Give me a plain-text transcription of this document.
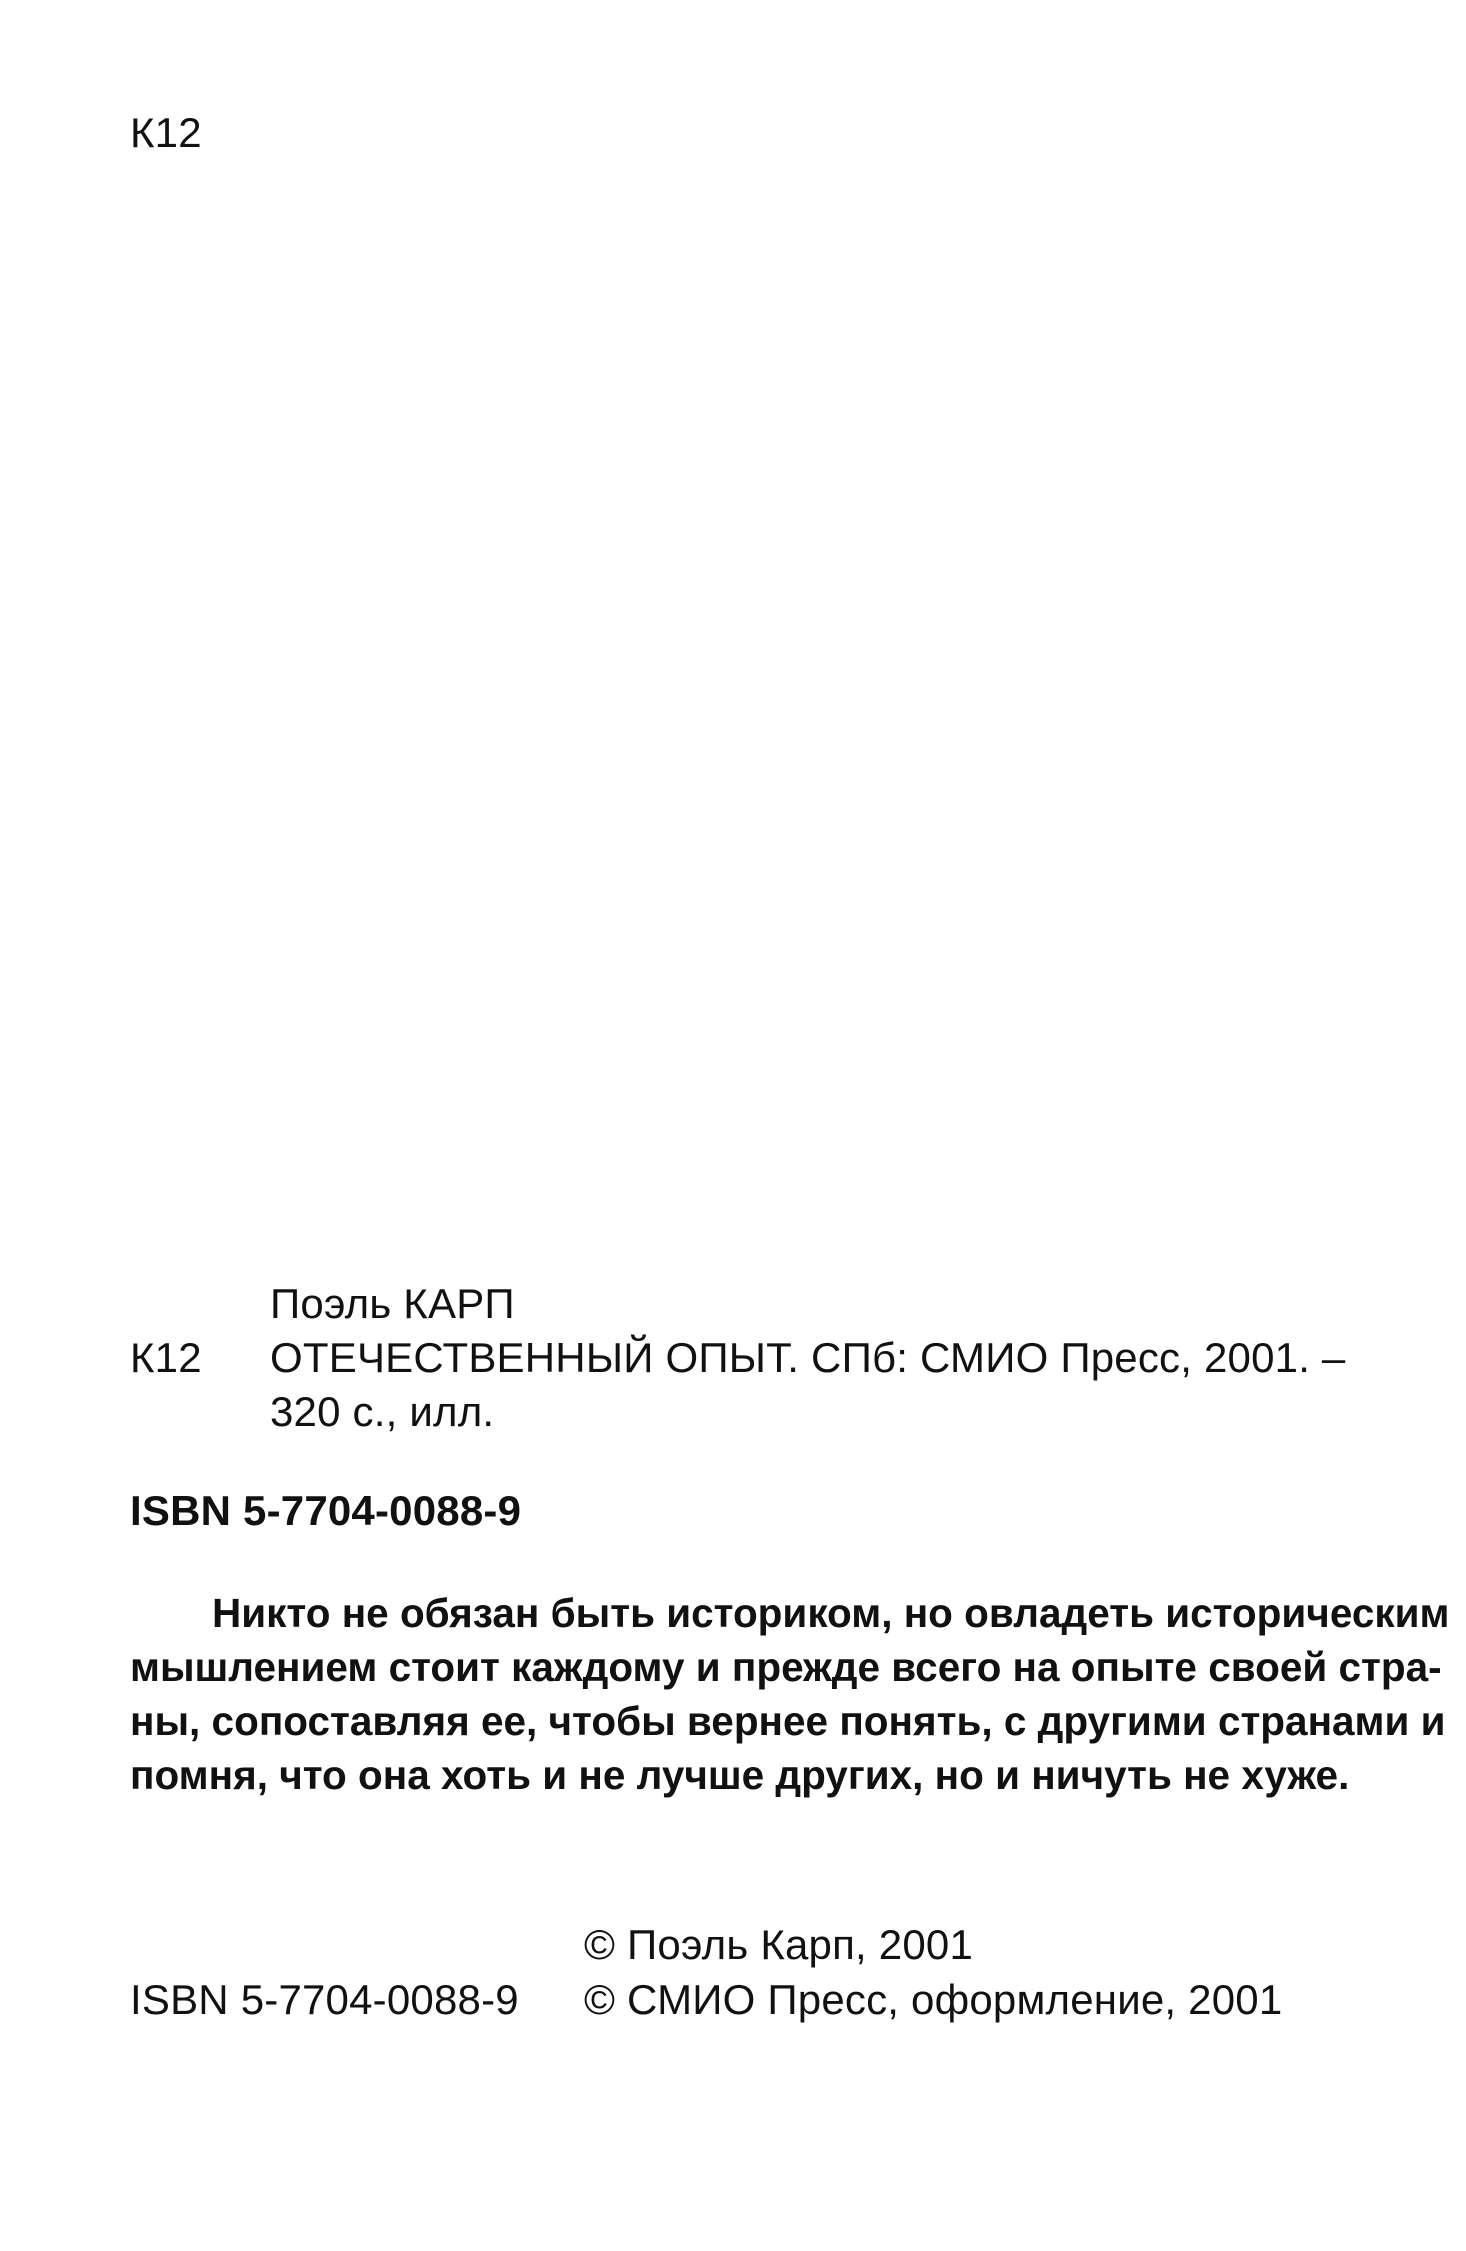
К12
Поэль КАРП
К12 ОТЕЧЕСТВЕННЫЙ ОПЫТ. СПб: СМИО Пресс, 2001. –
320 с., илл.
ISBN 5-7704-0088-9
Никто не обязан быть историком, но овладеть историческим
мышлением стоит каждому и прежде всего на опыте своей стра-
ны, сопоставляя ее, чтобы вернее понять, с другими странами и
помня, что она хоть и не лучше других, но и ничуть не хуже.
© Поэль Карп, 2001
ISBN 5-7704-0088-9 © СМИО Пресс, оформление, 2001
